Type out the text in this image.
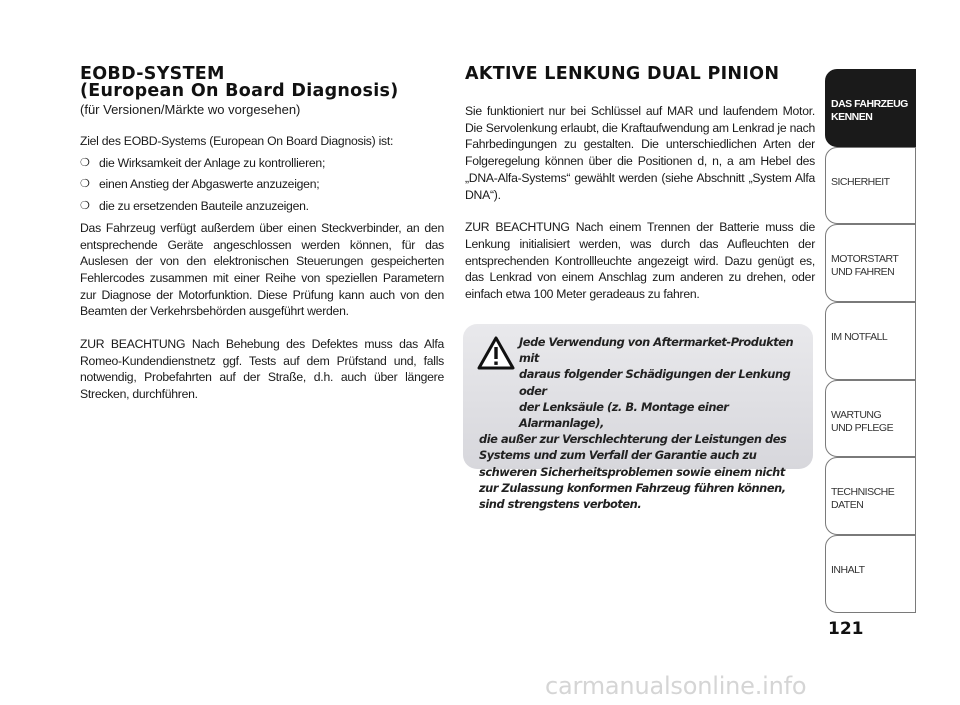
EOBD-SYSTEM
(European On Board Diagnosis)
(für Versionen/Märkte wo vorgesehen)
Ziel des EOBD-Systems (European On Board Diagnosis) ist:
❍ die Wirksamkeit der Anlage zu kontrollieren;
❍ einen Anstieg der Abgaswerte anzuzeigen;
❍ die zu ersetzenden Bauteile anzuzeigen.
Das Fahrzeug verfügt außerdem über einen Steckverbinder, an den entsprechende Geräte angeschlossen werden können, für das Auslesen der von den elektronischen Steuerungen gespeicherten Fehlercodes zusammen mit einer Reihe von speziellen Parametern zur Diagnose der Motorfunktion. Diese Prüfung kann auch von den Beamten der Verkehrsbehörden ausgeführt werden.
ZUR BEACHTUNG Nach Behebung des Defektes muss das Alfa Romeo-Kundendienstnetz ggf. Tests auf dem Prüfstand und, falls notwendig, Probefahrten auf der Straße, d.h. auch über längere Strecken, durchführen.
AKTIVE LENKUNG DUAL PINION
Sie funktioniert nur bei Schlüssel auf MAR und laufendem Motor. Die Servolenkung erlaubt, die Kraftaufwendung am Lenkrad je nach Fahrbedingungen zu gestalten. Die unterschiedlichen Arten der Folgeregelung können über die Positionen d, n, a am Hebel des „DNA-Alfa-Systems“ gewählt werden (siehe Abschnitt „System Alfa DNA“).
ZUR BEACHTUNG Nach einem Trennen der Batterie muss die Lenkung initialisiert werden, was durch das Aufleuchten der entsprechenden Kontrollleuchte angezeigt wird. Dazu genügt es, das Lenkrad von einem Anschlag zum anderen zu drehen, oder einfach etwa 100 Meter geradeaus zu fahren.
Jede Verwendung von Aftermarket-Produkten mit
daraus folgender Schädigungen der Lenkung oder
der Lenksäule (z. B. Montage einer Alarmanlage),
die außer zur Verschlechterung der Leistungen des Systems und zum Verfall der Garantie auch zu schweren Sicherheitsproblemen sowie einem nicht zur Zulassung konformen Fahrzeug führen können, sind strengstens verboten.
DAS FAHRZEUG
KENNEN
SICHERHEIT
MOTORSTART
UND FAHREN
IM NOTFALL
WARTUNG
UND PFLEGE
TECHNISCHE
DATEN
INHALT
121
carmanualsonline.info
